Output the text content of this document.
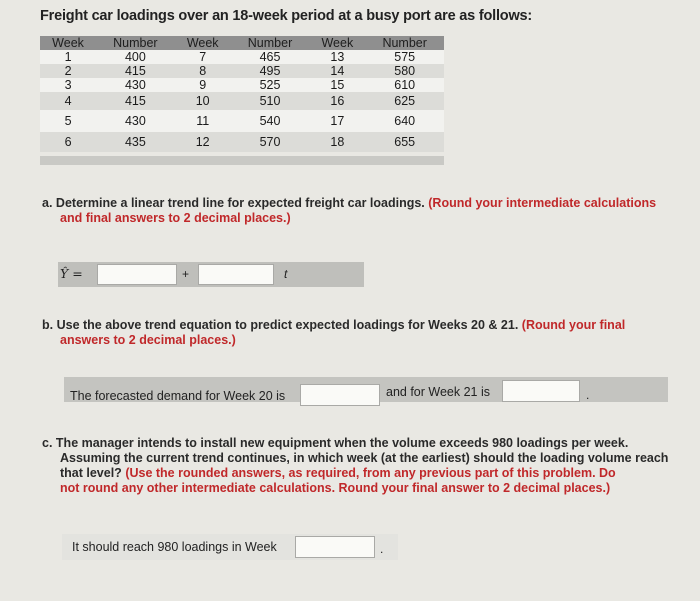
Freight car loadings over an 18-week period at a busy port are as follows:
Week	Number	Week	Number	Week	Number
1	400	7	465	13	575
2	415	8	495	14	580
3	430	9	525	15	610
4	415	10	510	16	625
5	430	11	540	17	640
6	435	12	570	18	655
a. Determine a linear trend line for expected freight car loadings. (Round your intermediate calculations
and final answers to 2 decimal places.)
Ŷ =	+	t
b. Use the above trend equation to predict expected loadings for Weeks 20 & 21. (Round your final
answers to 2 decimal places.)
The forecasted demand for Week 20 is	and for Week 21 is	.
c. The manager intends to install new equipment when the volume exceeds 980 loadings per week.
Assuming the current trend continues, in which week (at the earliest) should the loading volume reach
that level? (Use the rounded answers, as required, from any previous part of this problem. Do
not round any other intermediate calculations. Round your final answer to 2 decimal places.)
It should reach 980 loadings in Week	.
